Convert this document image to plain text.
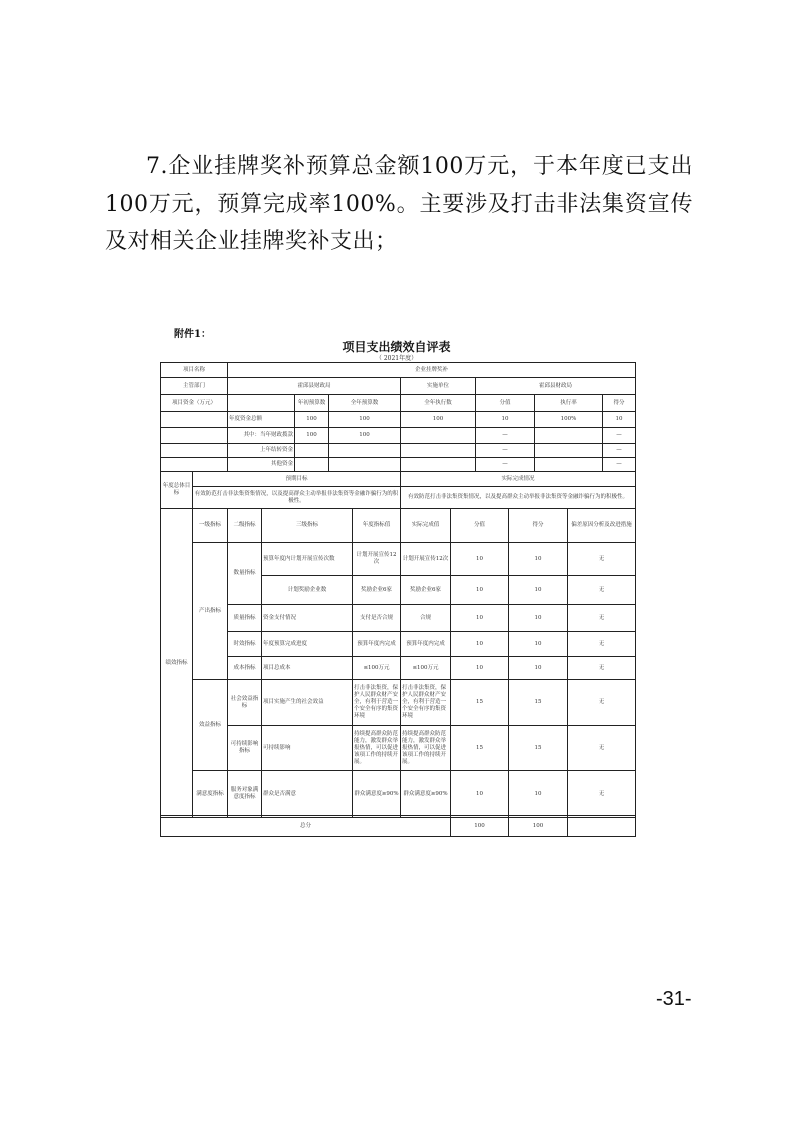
7.企业挂牌奖补预算总金额100万元，于本年度已支出100万元，预算完成率100%。主要涉及打击非法集资宣传及对相关企业挂牌奖补支出；
附件1：
项目支出绩效自评表
（ 2021年度）
项目名称	企业挂牌奖补						
主管部门	霍邱县财政局			实施单位	霍邱县财政局		
项目资金（万元）		年初预算数	全年预算数	全年执行数	分值	执行率	得分
	年度资金总额	100	100	100	10	100%	10
	其中：当年财政拨款	100	100		—		—
	上年结转资金				—		—
	其他资金				—		—
年度总体目标	预期目标	实际完成情况
	有效防范打击非法集资集情况，以及提高群众主动举报非法集资等金融诈骗行为的积极性。	有效防范打击非法集资集情况，以及提高群众主动举报非法集资等金融诈骗行为的积极性。
绩效指标	一级指标	二级指标	三级指标	年度指标值	实际完成值	分值	得分	偏差原因分析及改进措施
	产出指标	数量指标	预算年度内计划开展宣传次数	计划开展宣传12次	计划开展宣传12次	10	10	无
			计划奖励企业数	奖励企业6家	奖励企业6家	10	10	无
		质量指标	资金支付情况	支付是否合规	合规	10	10	无
		时效指标	年度预算完成进度	预算年度内完成	预算年度内完成	10	10	无
		成本指标	项目总成本	≤100万元	≤100万元	10	10	无
	效益指标	社会效益指标	项目实施产生的社会效益	打击非法集资，保护人民群众财产安全，有利于营造一个安全有序的集资环境	打击非法集资，保护人民群众财产安全，有利于营造一个安全有序的集资环境	15	15	无
		可持续影响指标	可持续影响	持续提高群众防范能力，激发群众举报热情，可以促进该项工作的持续开展。	持续提高群众防范能力，激发群众举报热情，可以促进该项工作的持续开展。	15	15	无
	满意度指标	服务对象满意度指标	群众是否满意	群众满意度≥90%	群众满意度≥90%	10	10	无
总分	100	100	
-31-
